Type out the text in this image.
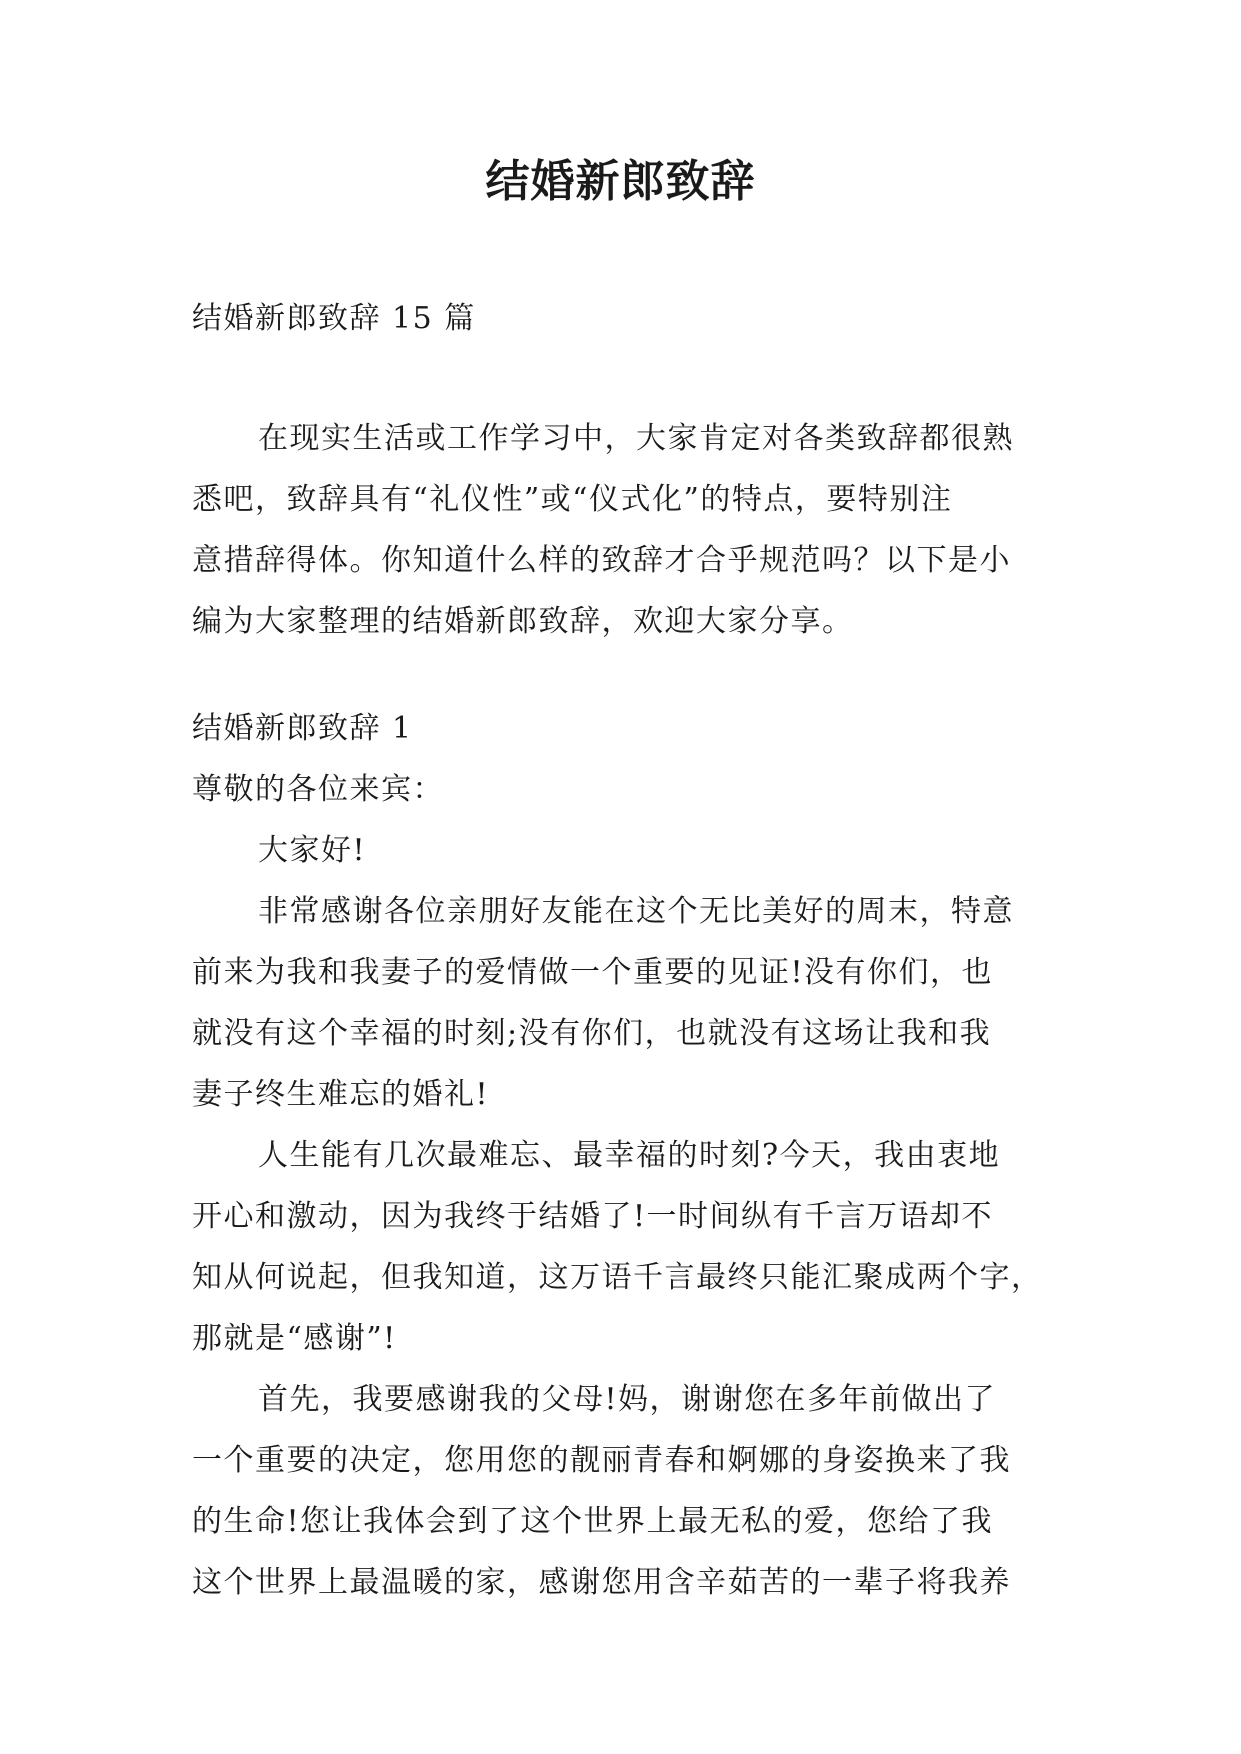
结婚新郎致辞

结婚新郎致辞 15 篇

在现实生活或工作学习中，大家肯定对各类致辞都很熟

悉吧，致辞具有“礼仪性”或“仪式化”的特点，要特别注

意措辞得体。你知道什么样的致辞才合乎规范吗？以下是小

编为大家整理的结婚新郎致辞，欢迎大家分享。

结婚新郎致辞 1

尊敬的各位来宾：

大家好!

非常感谢各位亲朋好友能在这个无比美好的周末，特意

前来为我和我妻子的爱情做一个重要的见证!没有你们，也

就没有这个幸福的时刻;没有你们，也就没有这场让我和我

妻子终生难忘的婚礼!

人生能有几次最难忘、最幸福的时刻?今天，我由衷地

开心和激动，因为我终于结婚了!一时间纵有千言万语却不

知从何说起，但我知道，这万语千言最终只能汇聚成两个字，

那就是“感谢”!

首先，我要感谢我的父母!妈，谢谢您在多年前做出了

一个重要的决定，您用您的靓丽青春和婀娜的身姿换来了我

的生命!您让我体会到了这个世界上最无私的爱，您给了我

这个世界上最温暖的家，感谢您用含辛茹苦的一辈子将我养
